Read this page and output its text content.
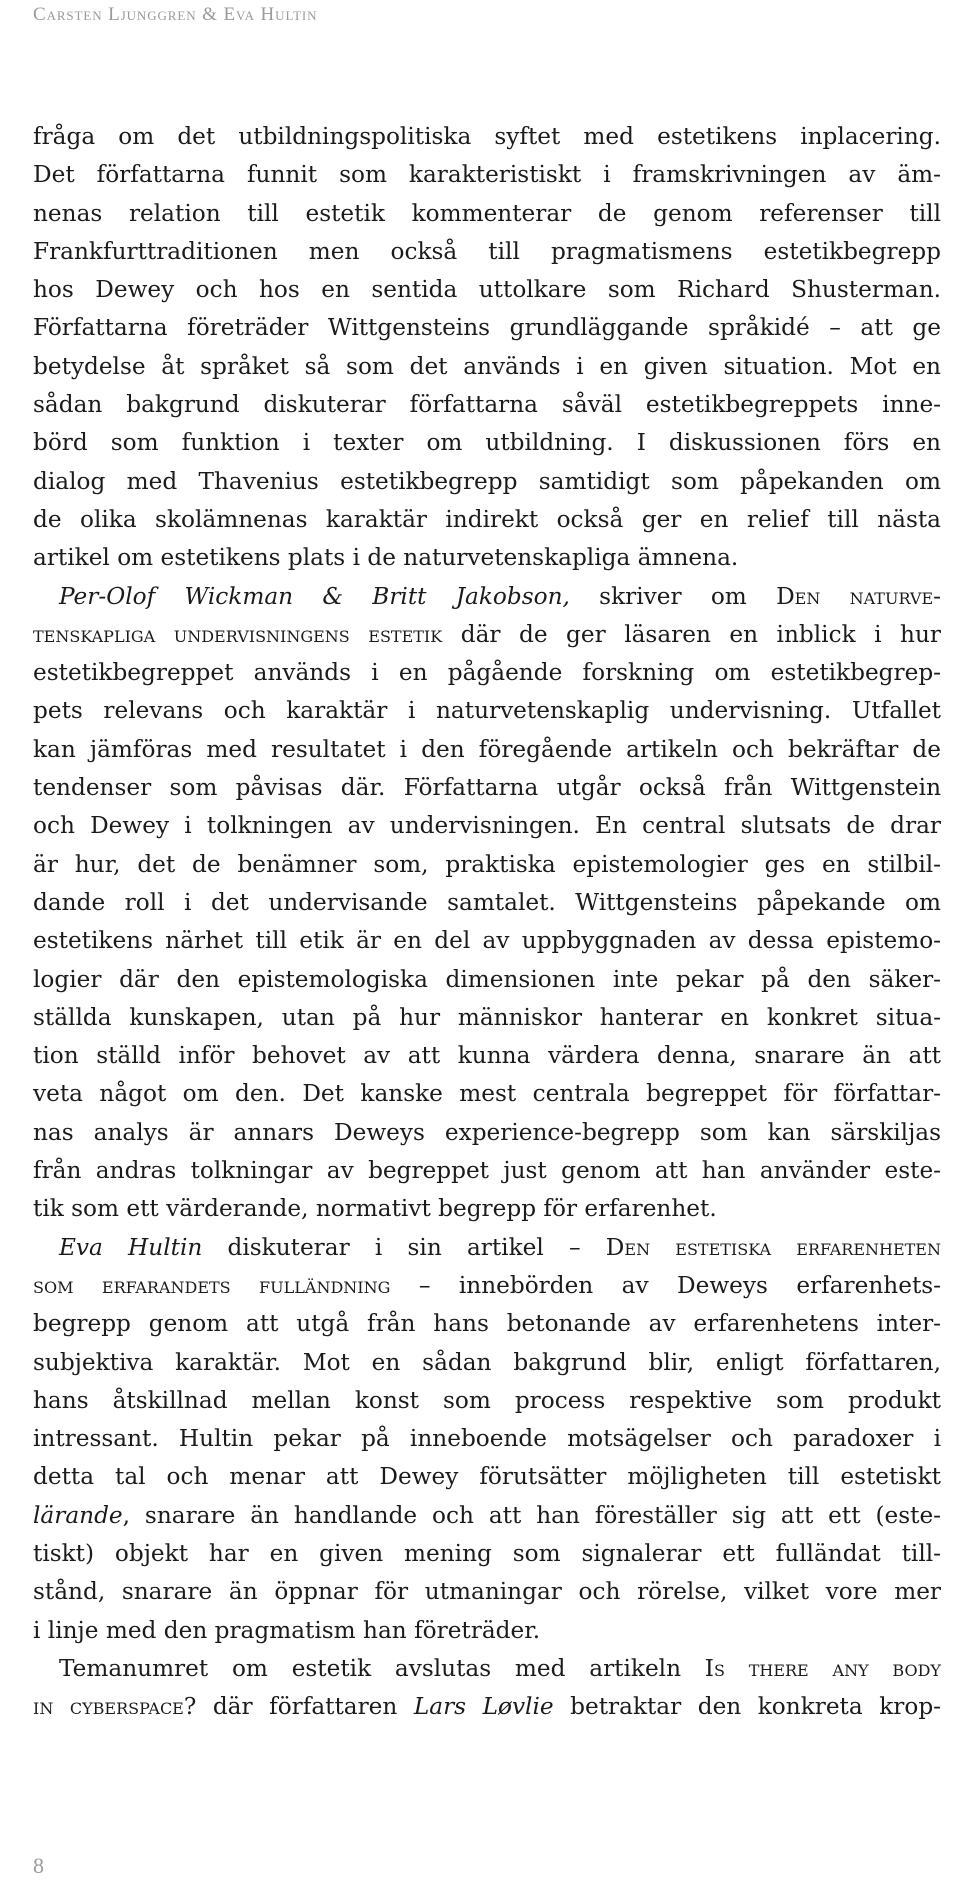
Carsten Ljunggren & Eva Hultin
fråga om det utbildningspolitiska syftet med estetikens inplacering.
Det författarna funnit som karakteristiskt i framskrivningen av äm-
nenas relation till estetik kommenterar de genom referenser till
Frankfurttraditionen men också till pragmatismens estetikbegrepp
hos Dewey och hos en sentida uttolkare som Richard Shusterman.
Författarna företräder Wittgensteins grundläggande språkidé – att ge
betydelse åt språket så som det används i en given situation. Mot en
sådan bakgrund diskuterar författarna såväl estetikbegreppets inne-
börd som funktion i texter om utbildning. I diskussionen förs en
dialog med Thavenius estetikbegrepp samtidigt som påpekanden om
de olika skolämnenas karaktär indirekt också ger en relief till nästa
artikel om estetikens plats i de naturvetenskapliga ämnena.
Per-Olof Wickman & Britt Jakobson, skriver om Den naturve-
tenskapliga undervisningens estetik där de ger läsaren en inblick i hur
estetikbegreppet används i en pågående forskning om estetikbegrep-
pets relevans och karaktär i naturvetenskaplig undervisning. Utfallet
kan jämföras med resultatet i den föregående artikeln och bekräftar de
tendenser som påvisas där. Författarna utgår också från Wittgenstein
och Dewey i tolkningen av undervisningen. En central slutsats de drar
är hur, det de benämner som, praktiska epistemologier ges en stilbil-
dande roll i det undervisande samtalet. Wittgensteins påpekande om
estetikens närhet till etik är en del av uppbyggnaden av dessa epistemo-
logier där den epistemologiska dimensionen inte pekar på den säker-
ställda kunskapen, utan på hur människor hanterar en konkret situa-
tion ställd inför behovet av att kunna värdera denna, snarare än att
veta något om den. Det kanske mest centrala begreppet för författar-
nas analys är annars Deweys experience-begrepp som kan särskiljas
från andras tolkningar av begreppet just genom att han använder este-
tik som ett värderande, normativt begrepp för erfarenhet.
Eva Hultin diskuterar i sin artikel – Den estetiska erfarenheten
som erfarandets fulländning – innebörden av Deweys erfarenhets-
begrepp genom att utgå från hans betonande av erfarenhetens inter-
subjektiva karaktär. Mot en sådan bakgrund blir, enligt författaren,
hans åtskillnad mellan konst som process respektive som produkt
intressant. Hultin pekar på inneboende motsägelser och paradoxer i
detta tal och menar att Dewey förutsätter möjligheten till estetiskt
lärande, snarare än handlande och att han föreställer sig att ett (este-
tiskt) objekt har en given mening som signalerar ett fulländat till-
stånd, snarare än öppnar för utmaningar och rörelse, vilket vore mer
i linje med den pragmatism han företräder.
Temanumret om estetik avslutas med artikeln Is there any body
in cyberspace? där författaren Lars Løvlie betraktar den konkreta krop-
8
